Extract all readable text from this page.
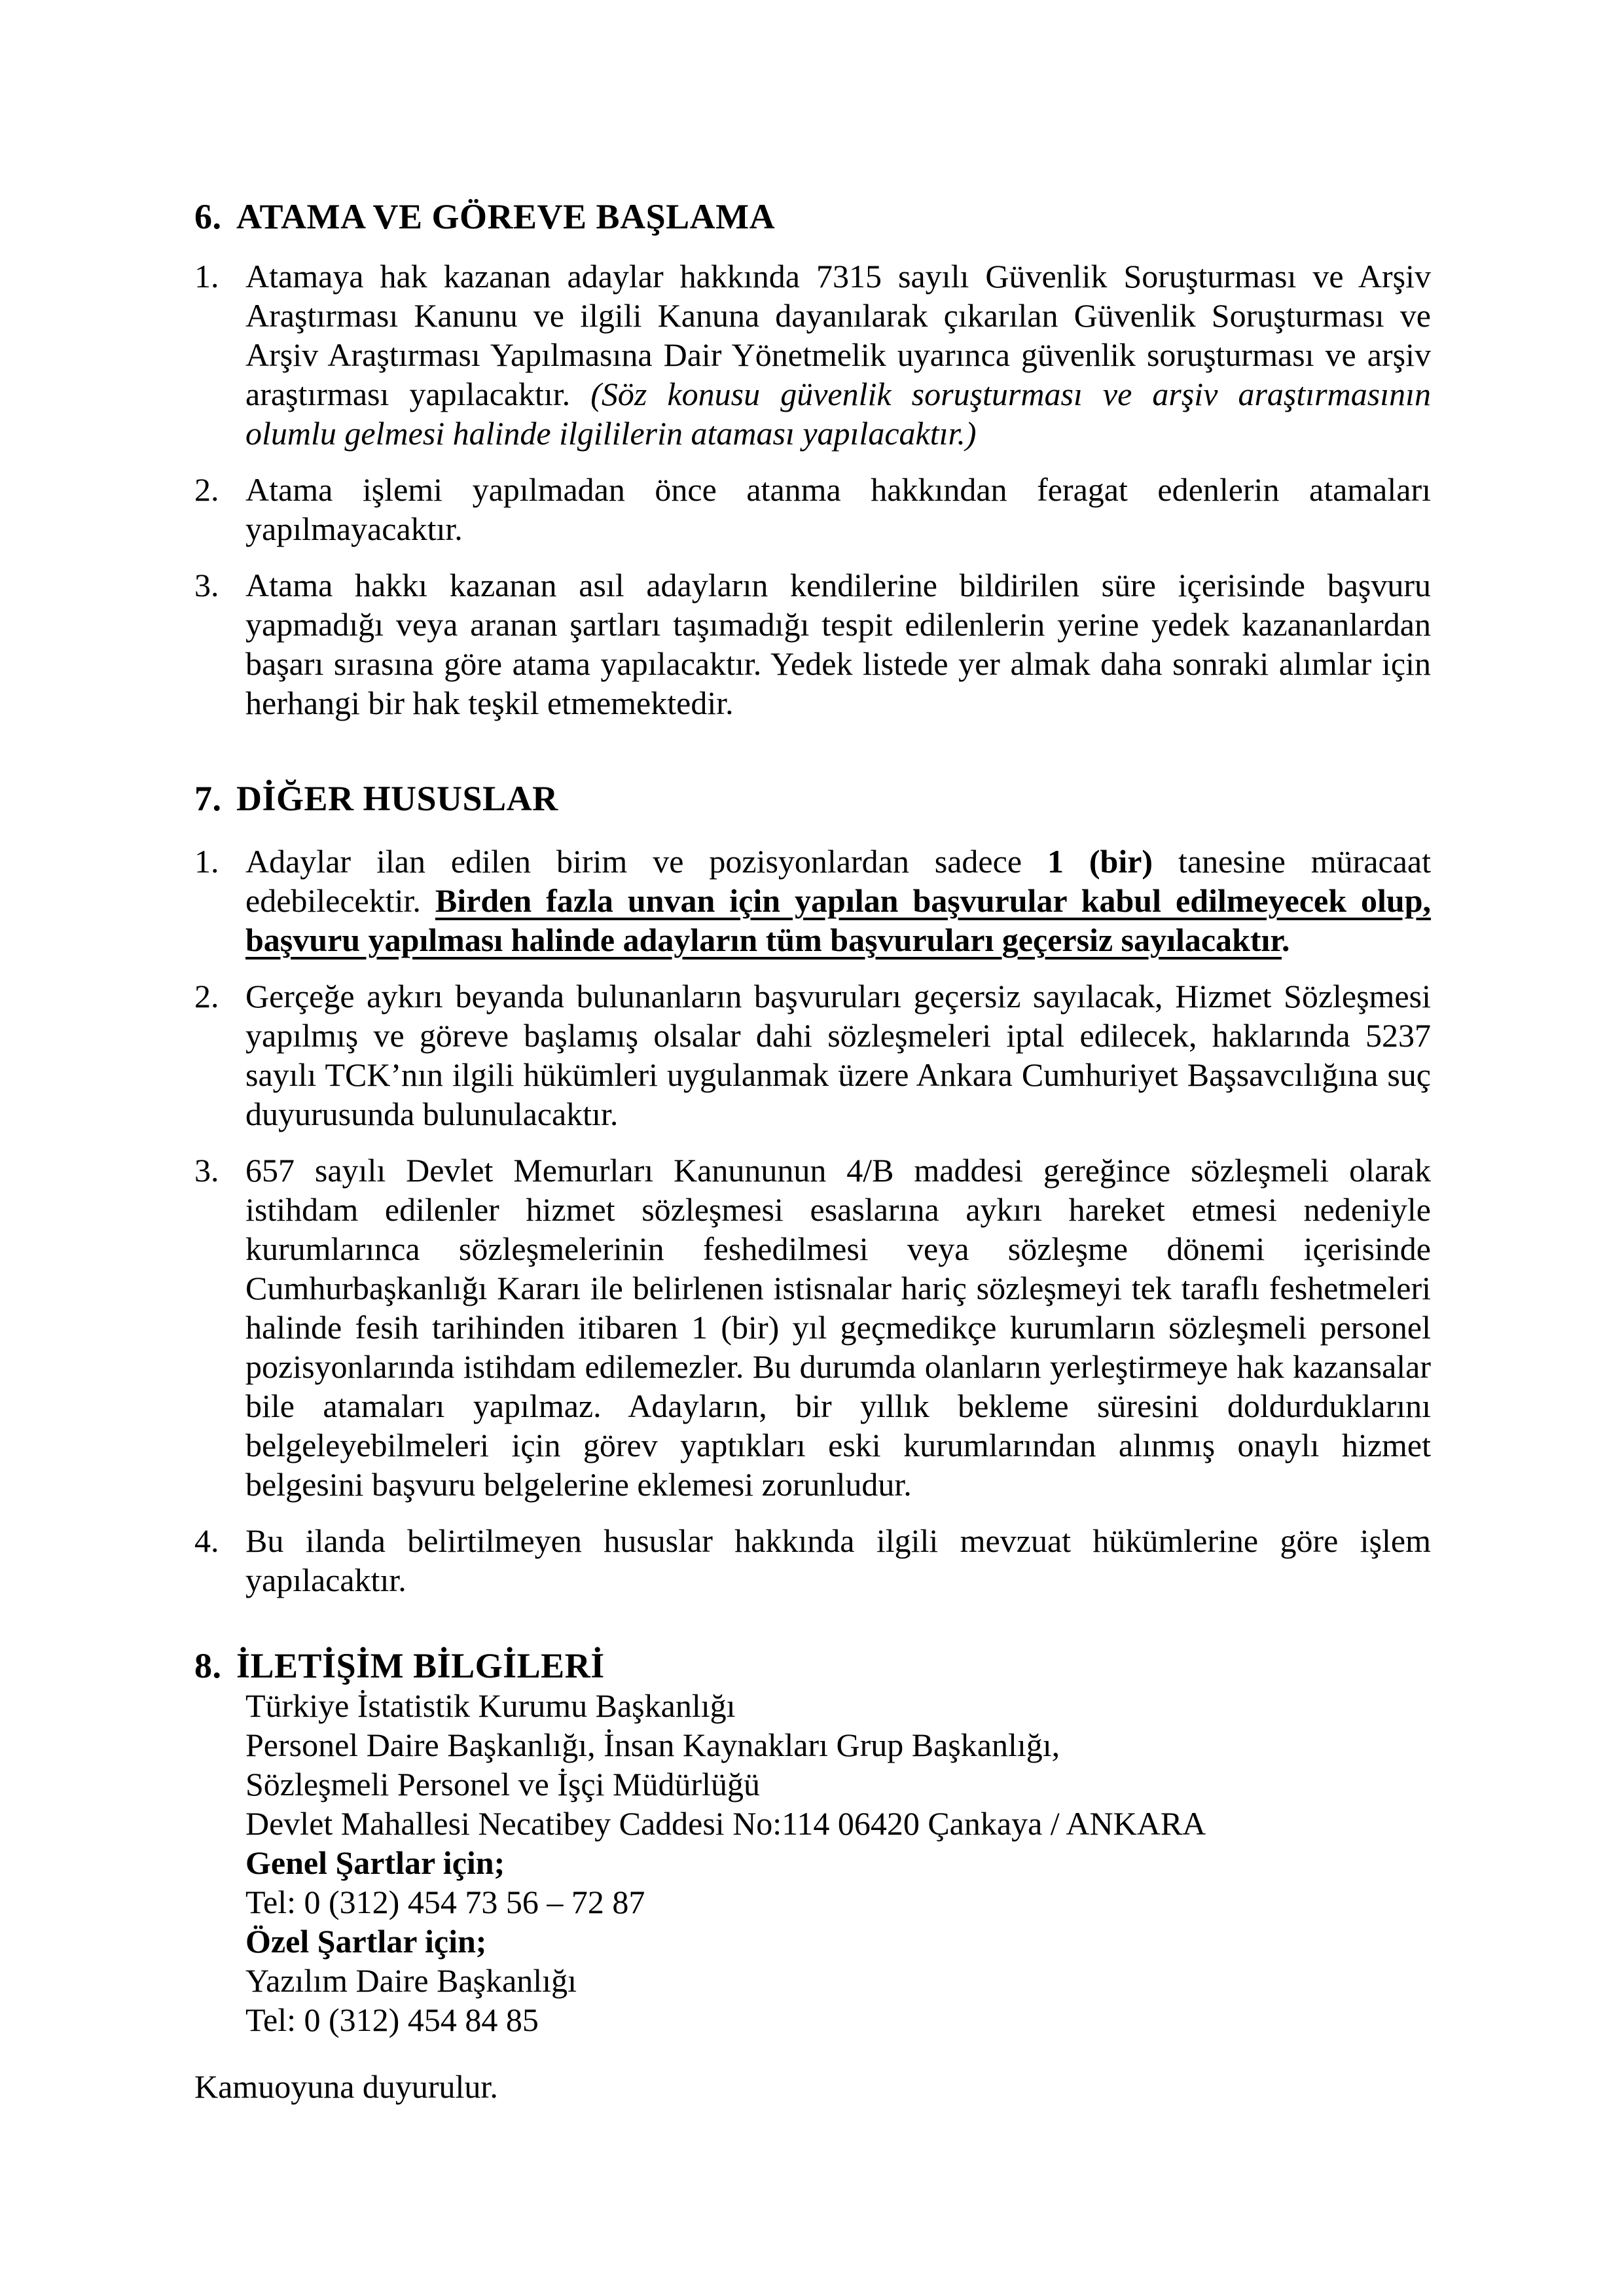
6. ATAMA VE GÖREVE BAŞLAMA

1. Atamaya hak kazanan adaylar hakkında 7315 sayılı Güvenlik Soruşturması ve Arşiv Araştırması Kanunu ve ilgili Kanuna dayanılarak çıkarılan Güvenlik Soruşturması ve Arşiv Araştırması Yapılmasına Dair Yönetmelik uyarınca güvenlik soruşturması ve arşiv araştırması yapılacaktır. (Söz konusu güvenlik soruşturması ve arşiv araştırmasının olumlu gelmesi halinde ilgililerin ataması yapılacaktır.)

2. Atama işlemi yapılmadan önce atanma hakkından feragat edenlerin atamaları yapılmayacaktır.

3. Atama hakkı kazanan asıl adayların kendilerine bildirilen süre içerisinde başvuru yapmadığı veya aranan şartları taşımadığı tespit edilenlerin yerine yedek kazananlardan başarı sırasına göre atama yapılacaktır. Yedek listede yer almak daha sonraki alımlar için herhangi bir hak teşkil etmemektedir.

7. DİĞER HUSUSLAR

1. Adaylar ilan edilen birim ve pozisyonlardan sadece 1 (bir) tanesine müracaat edebilecektir. Birden fazla unvan için yapılan başvurular kabul edilmeyecek olup, başvuru yapılması halinde adayların tüm başvuruları geçersiz sayılacaktır.

2. Gerçeğe aykırı beyanda bulunanların başvuruları geçersiz sayılacak, Hizmet Sözleşmesi yapılmış ve göreve başlamış olsalar dahi sözleşmeleri iptal edilecek, haklarında 5237 sayılı TCK’nın ilgili hükümleri uygulanmak üzere Ankara Cumhuriyet Başsavcılığına suç duyurusunda bulunulacaktır.

3. 657 sayılı Devlet Memurları Kanununun 4/B maddesi gereğince sözleşmeli olarak istihdam edilenler hizmet sözleşmesi esaslarına aykırı hareket etmesi nedeniyle kurumlarınca sözleşmelerinin feshedilmesi veya sözleşme dönemi içerisinde Cumhurbaşkanlığı Kararı ile belirlenen istisnalar hariç sözleşmeyi tek taraflı feshetmeleri halinde fesih tarihinden itibaren 1 (bir) yıl geçmedikçe kurumların sözleşmeli personel pozisyonlarında istihdam edilemezler. Bu durumda olanların yerleştirmeye hak kazansalar bile atamaları yapılmaz. Adayların, bir yıllık bekleme süresini doldurduklarını belgeleyebilmeleri için görev yaptıkları eski kurumlarından alınmış onaylı hizmet belgesini başvuru belgelerine eklemesi zorunludur.

4. Bu ilanda belirtilmeyen hususlar hakkında ilgili mevzuat hükümlerine göre işlem yapılacaktır.

8. İLETİŞİM BİLGİLERİ

Türkiye İstatistik Kurumu Başkanlığı

Personel Daire Başkanlığı, İnsan Kaynakları Grup Başkanlığı,

Sözleşmeli Personel ve İşçi Müdürlüğü

Devlet Mahallesi Necatibey Caddesi No:114 06420 Çankaya / ANKARA

Genel Şartlar için;

Tel: 0 (312) 454 73 56 – 72 87

Özel Şartlar için;

Yazılım Daire Başkanlığı

Tel: 0 (312) 454 84 85

Kamuoyuna duyurulur.
